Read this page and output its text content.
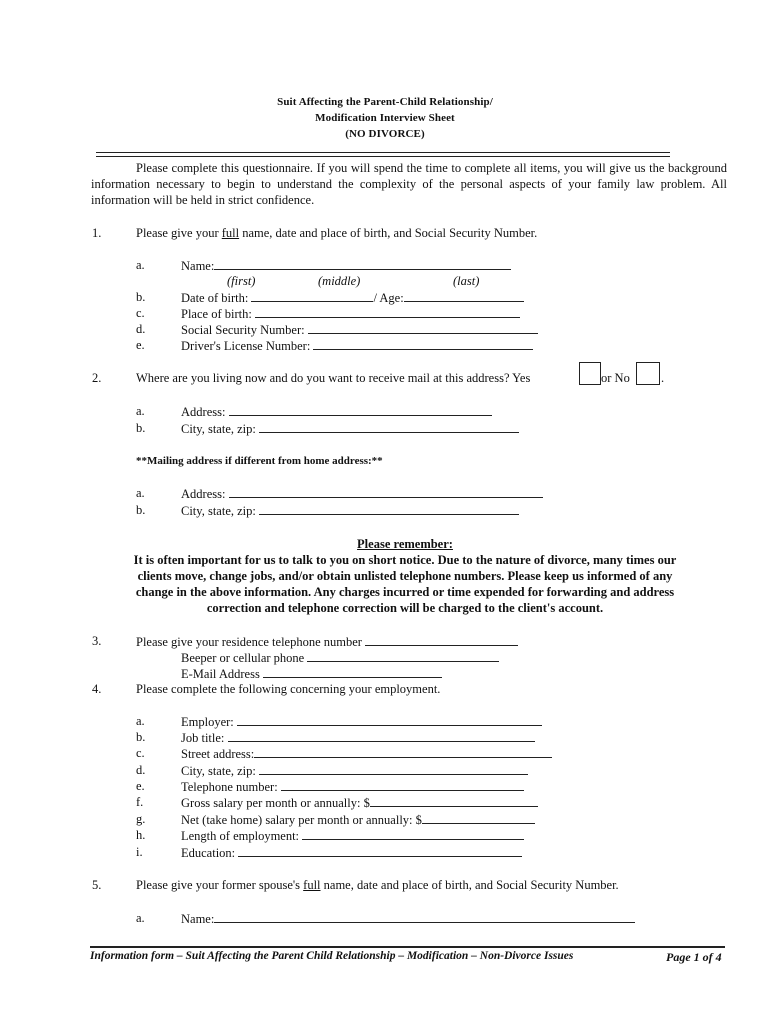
Suit Affecting the Parent-Child Relationship/
Modification Interview Sheet
(NO DIVORCE)
Please complete this questionnaire. If you will spend the time to complete all items, you will give us the background information necessary to begin to understand the complexity of the personal aspects of your family law problem. All information will be held in strict confidence.
1.	Please give your full name, date and place of birth, and Social Security Number.
a.	Name:
(first)	(middle)	(last)
b.	Date of birth:	/ Age:
c.	Place of birth:
d.	Social Security Number:
e.	Driver's License Number:
2.	Where are you living now and do you want to receive mail at this address? Yes	or No .
a.	Address:
b.	City, state, zip:
**Mailing address if different from home address:**
a.	Address:
b.	City, state, zip:
Please remember:
It is often important for us to talk to you on short notice. Due to the nature of divorce, many times our
clients move, change jobs, and/or obtain unlisted telephone numbers. Please keep us informed of any
change in the above information. Any charges incurred or time expended for forwarding and address
correction and telephone correction will be charged to the client's account.
3.	Please give your residence telephone number
Beeper or cellular phone
E-Mail Address
4.	Please complete the following concerning your employment.
a.	Employer:
b.	Job title:
c.	Street address:
d.	City, state, zip:
e.	Telephone number:
f.	Gross salary per month or annually: $
g.	Net (take home) salary per month or annually: $
h.	Length of employment:
i.	Education:
5.	Please give your former spouse's full name, date and place of birth, and Social Security Number.
a.	Name:
Information form – Suit Affecting the Parent Child Relationship – Modification – Non-Divorce Issues	Page 1 of 4
